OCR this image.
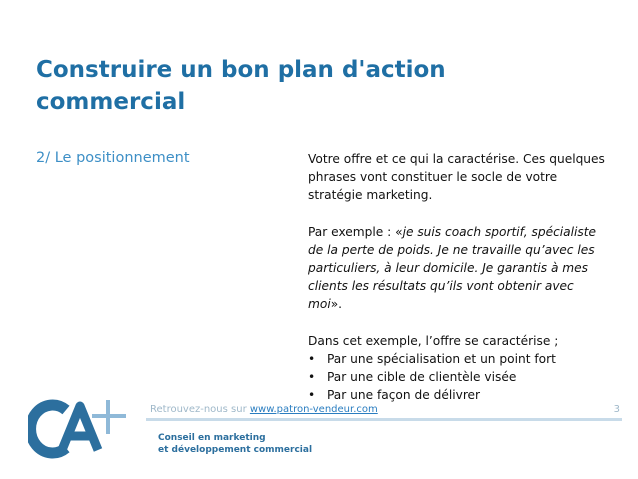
Construire un bon plan d'action commercial
2/ Le positionnement	Votre offre et ce qui la caractérise. Ces quelques phrases vont constituer le socle de votre stratégie marketing.

Par exemple : «je suis coach sportif, spécialiste de la perte de poids. Je ne travaille qu’avec les particuliers, à leur domicile. Je garantis à mes clients les résultats qu’ils vont obtenir avec moi».

Dans cet exemple, l’offre se caractérise ;

• Par une spécialisation et un point fort
• Par une cible de clientèle visée
• Par une façon de délivrer
Retrouvez-nous sur www.patron-vendeur.com	3
Conseil en marketing
et développement commercial
